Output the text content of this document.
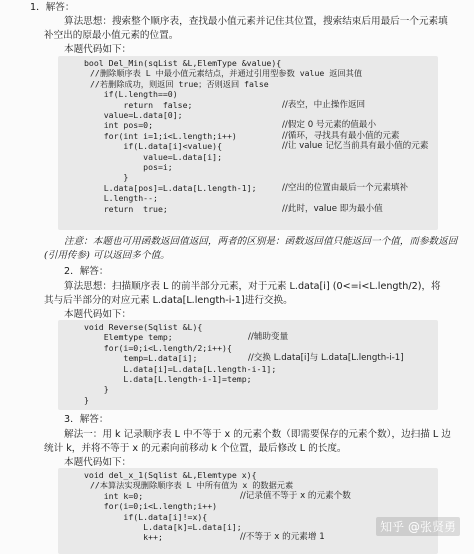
1．解答：
算法思想：搜索整个顺序表，查找最小值元素并记住其位置，搜索结束后用最后一个元素填
补空出的原最小值元素的位置。
本题代码如下：
bool Del_Min(sqList &L,ElemType &value){
//删除顺序表 L 中最小值元素结点，并通过引用型参数 value 返回其值
//若删除成功，则返回 true；否则返回 false
if(L.length==0)
return  false;	//表空，中止操作返回
value=L.data[0];
int pos=0;	//假定 0 号元素的值最小
for(int i=1;i<L.length;i++)	//循环，寻找具有最小值的元素
if(L.data[i]<value){	//让 value 记忆当前具有最小值的元素
value=L.data[i];
pos=i;
}
L.data[pos]=L.data[L.length-1];	//空出的位置由最后一个元素填补
L.length--;
return  true;	//此时，value 即为最小值
注意：本题也可用函数返回值返回，两者的区别是：函数返回值只能返回一个值，而参数返回
(引用传参) 可以返回多个值。
2．解答：
算法思想：扫描顺序表 L 的前半部分元素，对于元素 L.data[i] (0<=i<L.length/2)，将
其与后半部分的对应元素 L.data[L.length-i-1]进行交换。
本题代码如下：
void Reverse(Sqlist &L){
Elemtype temp;	//辅助变量
for(i=0;i<L.length/2;i++){
temp=L.data[i];	//交换 L.data[i]与 L.data[L.length-i-1]
L.data[i]=L.data[L.length-i-1];
L.data[L.length-i-1]=temp;
}
}
3．解答：
解法一：用 k 记录顺序表 L 中不等于 x 的元素个数（即需要保存的元素个数），边扫描 L 边
统计 k，并将不等于 x 的元素向前移动 k 个位置，最后修改 L 的长度。
本题代码如下：
void del_x_1(Sqlist &L,Elemtype x){
//本算法实现删除顺序表 L 中所有值为 x 的数据元素
int k=0;	//记录值不等于 x 的元素个数
for(i=0;i<L.length;i++)
if(L.data[i]!=x){
L.data[k]=L.data[i];
k++;	//不等于 x 的元素增 1
知乎 @张贤勇
